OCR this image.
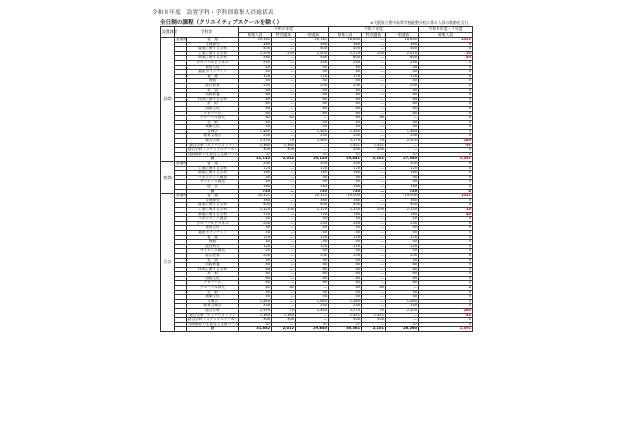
令和８年度　設置学科・学科別募集人員総括表
全日制の課程（クリエイティブスクールを除く）	※大阪府立豊中高等学校能勢分校に係る人員の数値を含む。
設置課程	学科等		令和８年度			令和７年度			令和８年度－７年度
			募集人員	特別選抜	一般選抜	募集人員	特別選抜	一般選抜	募集人員
昼間	普通科	普　通	20,161	—	20,161	18,840	—	18,840	1321
		文理探究	360	—	360	360	—	360	0
		農業に関する学科	400	—	400	400	—	400	0
		工業に関する学科	2,200	200	2,000	2,210	200	2,010	10
		商業に関する学科	560	—	560	600	—	600	40
		グローバルビジネス	240	—	240	240	—	240	0
		食物文化	40	—	40	40	—	40	0
		福祉ボランティア	40	—	40	40	—	40	0
		看　護	120	—	120	120	—	120	0
		理数	40	—	40	40	—	40	0
		総合産業	200	—	200	200	—	200	0
		英　語	40	—	40	40	—	40	0
		国際教養	80	—	80	80	—	80	0
		体育に関する学科	80	—	80	80	—	80	0
		美　術	80	—	80	80	—	80	0
		国際文化	80	—	80	80	—	80	0
		グローバル	80	—	80	80	—	80	0
		グローバル探究	82	82	—	80	80	—	2
		芸　術	40	—	40	40	—	40	0
		演劇文化	40	—	40	40	—	40	0
		文理学	1,480	—	1,480	1,480	—	1,480	0
		教育文理学	240	—	240	240	—	240	0
		総合学科	2,550	70	2,480	2,270	70	2,200	280
		総合学科（エンパワメント）	1,360	1,360	—	1,451	1,451	—	91
		総合学科（ステップスクール）	300	300	—	300	300	—	0
		知的障がい生徒自立支援コース	37	—	37	37	—	37	0
		計	31,132	2,012	29,120	29,641	2,101	27,540	1,491
夜間	普通科	普　通	200	—	200	200	—	200	0
		工業に関する学科	120	—	120	120	—	120	0
		商業に関する学科	160	—	160	160	—	160	0
		マネジメント創造	40	—	40	40	—	40	0
		サイエンス創造	40	—	40	40	—	40	0
		総　合	160	—	160	160	—	160	0
		計	720	—	720	720	—	720	0
合計	普通科	普　通	20,321	—	20,321	19,000	—	19,000	1321
		文理探究	360	—	360	360	—	360	0
		農業に関する学科	400	—	400	400	—	400	0
		工業に関する学科	2,320	200	2,120	2,330	200	2,130	10
		商業に関する学科	720	—	720	760	—	760	40
		マネジメント創造	40	—	40	40	—	40	0
		グローバルビジネス	240	—	240	240	—	240	0
		食物文化	40	—	40	40	—	40	0
		福祉ボランティア	40	—	40	40	—	40	0
		看　護	120	—	120	120	—	120	0
		理数	40	—	40	40	—	40	0
		総合科学	120	—	120	120	—	120	0
		サイエンス創造	40	—	40	40	—	40	0
		総合産業	200	—	200	200	—	200	0
		英　語	40	—	40	40	—	40	0
		国際教養	80	—	80	80	—	80	0
		体育に関する学科	80	—	80	80	—	80	0
		美　術	80	—	80	80	—	80	0
		国際文化	80	—	80	80	—	80	0
		グローバル	80	—	80	80	—	80	0
		グローバル探究	82	82	—	80	80	—	2
		芸　術	40	—	40	40	—	40	0
		演劇文化	40	—	40	40	—	40	0
		文理学	1,480	—	1,480	1,480	—	1,480	0
		教育文理学	240	—	240	240	—	240	0
		総合学科	2,550	70	2,480	2,270	70	2,200	280
		総合学科（エンパワメント）	1,360	1,360	—	1,451	1,451	—	91
		総合学科（ステップスクール）	300	300	—	300	300	—	0
		知的障がい生徒自立支援コース	37	—	37	37	—	37	0
		計	31,852	2,012	29,840	30,361	2,101	28,260	1,491
